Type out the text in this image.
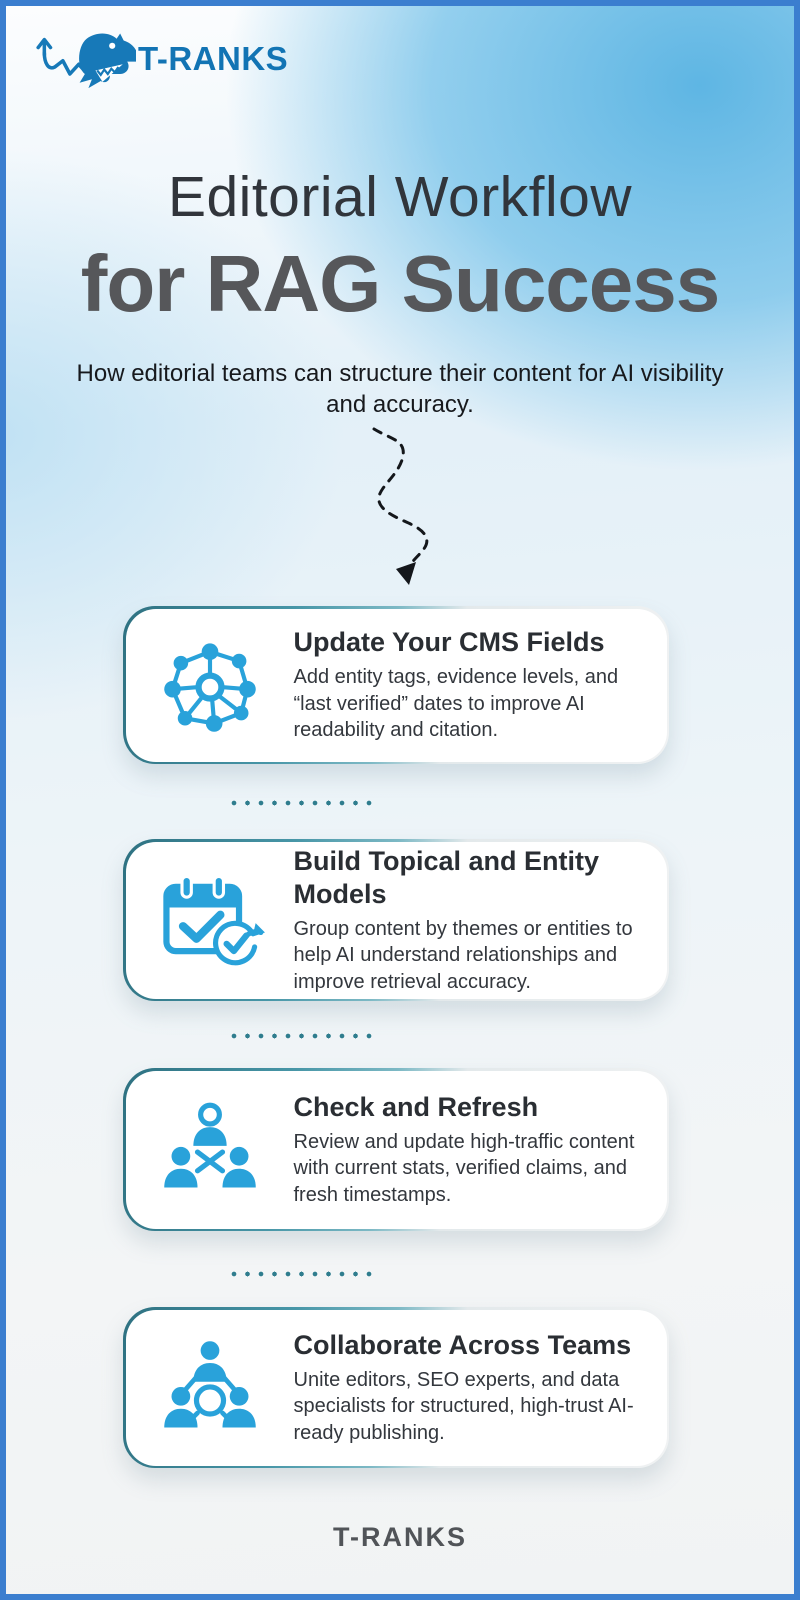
T-RANKS
Editorial Workflow
for RAG Success
How editorial teams can structure their content for AI visibility and accuracy.
Update Your CMS Fields
Add entity tags, evidence levels, and “last verified” dates to improve AI readability and citation.
Build Topical and Entity Models
Group content by themes or entities to help AI understand relationships and improve retrieval accuracy.
Check and Refresh
Review and update high-traffic content with current stats, verified claims, and fresh timestamps.
Collaborate Across Teams
Unite editors, SEO experts, and data specialists for structured, high-trust AI-ready publishing.
T-RANKS
